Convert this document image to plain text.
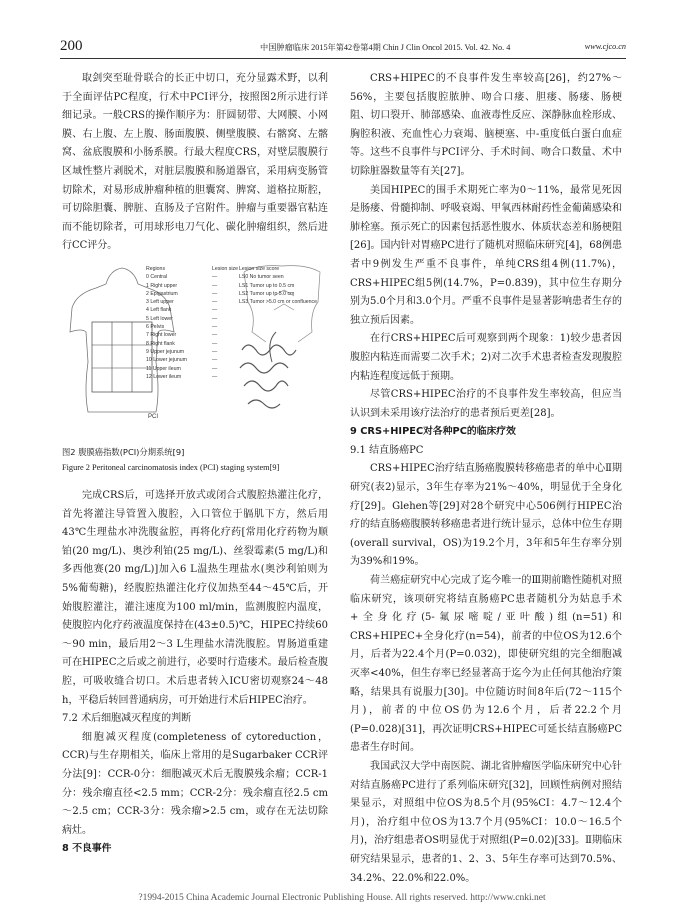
200	中国肿瘤临床 2015年第42卷第4期 Chin J Clin Oncol 2015. Vol. 42. No. 4	www.cjco.cn

取剑突至耻骨联合的长正中切口，充分显露术野，以利于全面评估PC程度，行术中PCI评分，按照图2所示进行详细记录。一般CRS的操作顺序为：肝圆韧带、大网膜、小网膜、右上腹、左上腹、肠面腹膜、侧壁腹膜、右髂窝、左髂窝、盆底腹膜和小肠系膜。行最大程度CRS，对壁层腹膜行区域性整片剥脱术，对脏层腹膜和肠道器官，采用病变肠管切除术，对易形成肿瘤种植的胆囊窝、脾窝、道格拉斯腔，可切除胆囊、脾脏、直肠及子宫附件。肿瘤与重要器官粘连而不能切除者，可用球形电刀气化、碳化肿瘤组织，然后进行CC评分。

Regions	Lesion size Lesion size score
0 Central	—	LS0 No tumor seen
1 Right upper	—	LS1 Tumor up to 0.5 cm
2 Epigastrium	—	LS2 Tumor up to 5.0 cm
3 Left upper	—	LS3 Tumor >5.0 cm or confluence
4 Left flank	—
5 Left lower	—
6 Pelvis	—
7 Right lower	—
8 Right flank	—
9 Upper jejunum	—
10 Lower jejunum	—
11 Upper ileum	—
12 Lower ileum	—
PCI
图2 腹膜癌指数(PCI)分期系统[9]
Figure 2 Peritoneal carcinomatosis index (PCI) staging system[9]

完成CRS后，可选择开放式或闭合式腹腔热灌注化疗，首先将灌注导管置入腹腔，入口管位于膈肌下方，然后用43℃生理盐水冲洗腹盆腔，再将化疗药[常用化疗药物为顺铂(20 mg/L)、奥沙利铂(25 mg/L)、丝裂霉素(5 mg/L)和多西他赛(20 mg/L)]加入6 L温热生理盐水(奥沙利铂则为5%葡萄糖)，经腹腔热灌注化疗仪加热至44～45℃后，开始腹腔灌注，灌注速度为100 ml/min，监测腹腔内温度，使腹腔内化疗药液温度保持在(43±0.5)℃，HIPEC持续60～90 min，最后用2～3 L生理盐水清洗腹腔。胃肠道重建可在HIPEC之后或之前进行，必要时行造瘘术。最后检查腹腔，可吸收缝合切口。术后患者转入ICU密切观察24～48 h，平稳后转回普通病房，可开始进行术后HIPEC治疗。

7.2 术后细胞减灭程度的判断

细胞减灭程度(completeness of cytoreduction，CCR)与生存期相关，临床上常用的是Sugarbaker CCR评分法[9]：CCR-0分：细胞减灭术后无腹膜残余瘤；CCR-1分：残余瘤直径<2.5 mm；CCR-2分：残余瘤直径2.5 cm～2.5 cm；CCR-3分：残余瘤>2.5 cm，或存在无法切除病灶。

8 不良事件

CRS+HIPEC的不良事件发生率较高[26]，约27%～56%，主要包括腹腔脓肿、吻合口瘘、胆瘘、肠瘘、肠梗阻、切口裂开、肺部感染、血液毒性反应、深静脉血栓形成、胸腔积液、充血性心力衰竭、脑梗塞、中-重度低白蛋白血症等。这些不良事件与PCI评分、手术时间、吻合口数量、术中切除脏器数量等有关[27]。

美国HIPEC的围手术期死亡率为0～11%，最常见死因是肠瘘、骨髓抑制、呼吸衰竭、甲氧西林耐药性金葡菌感染和肺栓塞。预示死亡的因素包括恶性腹水、体质状态差和肠梗阻[26]。国内针对胃癌PC进行了随机对照临床研究[4]，68例患者中9例发生严重不良事件，单纯CRS组4例(11.7%)，CRS+HIPEC组5例(14.7%，P=0.839)，其中位生存期分别为5.0个月和3.0个月。严重不良事件是显著影响患者生存的独立预后因素。

在行CRS+HIPEC后可观察到两个现象：1)较少患者因腹腔内粘连而需要二次手术；2)对二次手术患者检查发现腹腔内粘连程度远低于预期。

尽管CRS+HIPEC治疗的不良事件发生率较高，但应当认识到未采用该疗法治疗的患者预后更差[28]。

9 CRS+HIPEC对各种PC的临床疗效

9.1 结直肠癌PC

CRS+HIPEC治疗结直肠癌腹膜转移癌患者的单中心Ⅱ期研究(表2)显示，3年生存率为21%～40%，明显优于全身化疗[29]。Glehen等[29]对28个研究中心506例行HIPEC治疗的结直肠癌腹膜转移癌患者进行统计显示，总体中位生存期(overall survival，OS)为19.2个月，3年和5年生存率分别为39%和19%。

荷兰癌症研究中心完成了迄今唯一的Ⅲ期前瞻性随机对照临床研究，该项研究将结直肠癌PC患者随机分为姑息手术+全身化疗(5-氟尿嘧啶/亚叶酸)组(n=51)和CRS+HIPEC+全身化疗(n=54)，前者的中位OS为12.6个月，后者为22.4个月(P=0.032)，即使研究组的完全细胞减灭率<40%，但生存率已经显著高于迄今为止任何其他治疗策略，结果具有说服力[30]。中位随访时间8年后(72～115个月)，前者的中位OS仍为12.6个月，后者22.2个月(P=0.028)[31]，再次证明CRS+HIPEC可延长结直肠癌PC患者生存时间。

我国武汉大学中南医院、湖北省肿瘤医学临床研究中心针对结直肠癌PC进行了系列临床研究[32]，回顾性病例对照结果显示，对照组中位OS为8.5个月(95%CI：4.7～12.4个月)，治疗组中位OS为13.7个月(95%CI：10.0～16.5个月)，治疗组患者OS明显优于对照组(P=0.02)[33]。Ⅱ期临床研究结果显示，患者的1、2、3、5年生存率可达到70.5%、34.2%、22.0%和22.0%。

?1994-2015 China Academic Journal Electronic Publishing House. All rights reserved. http://www.cnki.net
